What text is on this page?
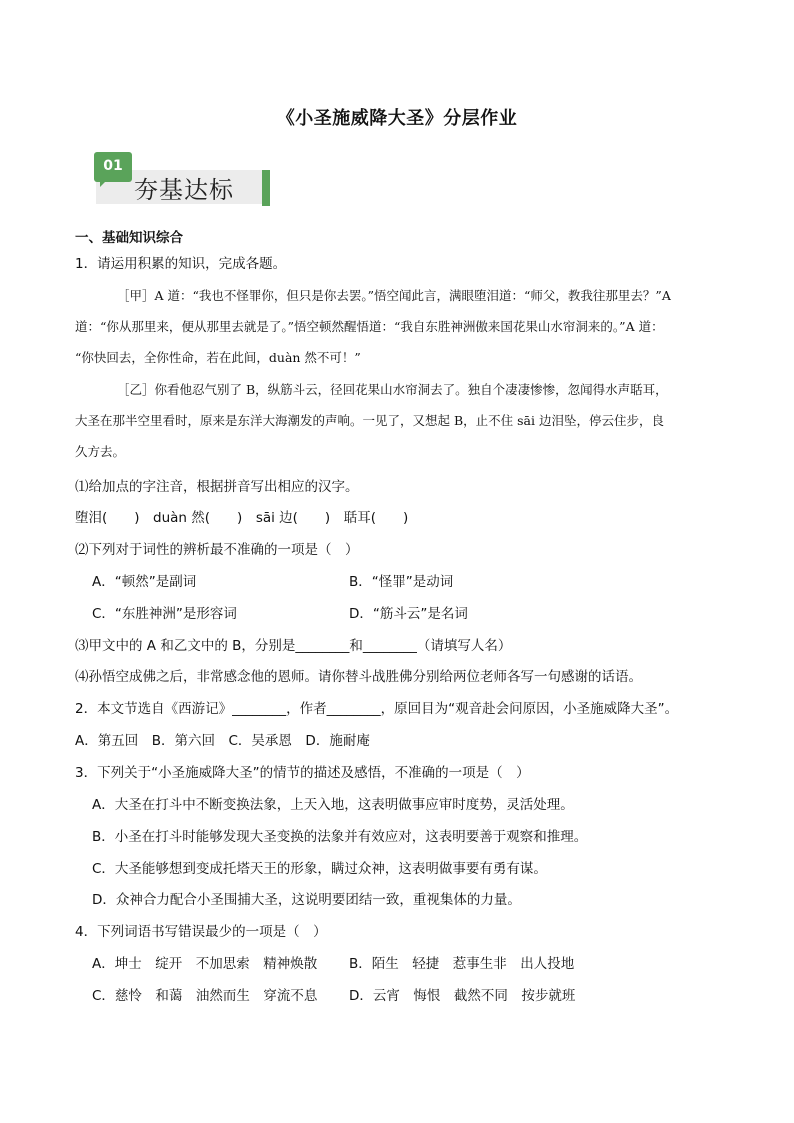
《小圣施威降大圣》分层作业
01
夯基达标
一、基础知识综合
1．请运用积累的知识，完成各题。
［甲］A 道：“我也不怪罪你，但只是你去罢。”悟空闻此言，满眼堕泪道：“师父，教我往那里去？”A
道：“你从那里来，便从那里去就是了。”悟空顿然醒悟道：“我自东胜神洲傲来国花果山水帘洞来的。”A 道：
“你快回去，全你性命，若在此间，duàn 然不可！”
［乙］你看他忍气别了 B，纵筋斗云，径回花果山水帘洞去了。独自个凄凄惨惨，忽闻得水声聒耳，
大圣在那半空里看时，原来是东洋大海潮发的声响。一见了，又想起 B，止不住 sāi 边泪坠，停云住步，良
久方去。
⑴给加点的字注音，根据拼音写出相应的汉字。
堕泪(　　)　duàn 然(　　)　sāi 边(　　)　聒耳(　　)
⑵下列对于词性的辨析最不准确的一项是（　）
A．“顿然”是副词	B．“怪罪”是动词
C．“东胜神洲”是形容词	D．“筋斗云”是名词
⑶甲文中的 A 和乙文中的 B，分别是________和________（请填写人名）
⑷孙悟空成佛之后，非常感念他的恩师。请你替斗战胜佛分别给两位老师各写一句感谢的话语。
2．本文节选自《西游记》________，作者________，原回目为“观音赴会问原因，小圣施威降大圣”。
A．第五回　B．第六回　C．吴承恩　D．施耐庵
3．下列关于“小圣施威降大圣”的情节的描述及感悟，不准确的一项是（　）
A．大圣在打斗中不断变换法象，上天入地，这表明做事应审时度势，灵活处理。
B．小圣在打斗时能够发现大圣变换的法象并有效应对，这表明要善于观察和推理。
C．大圣能够想到变成托塔天王的形象，瞒过众神，这表明做事要有勇有谋。
D．众神合力配合小圣围捕大圣，这说明要团结一致，重视集体的力量。
4．下列词语书写错误最少的一项是（　）
A．坤士　绽开　不加思索　精神焕散 B．陌生　轻捷　惹事生非　出人投地
C．慈怜　和蔼　油然而生　穿流不息 D．云宵　悔恨　截然不同　按步就班
